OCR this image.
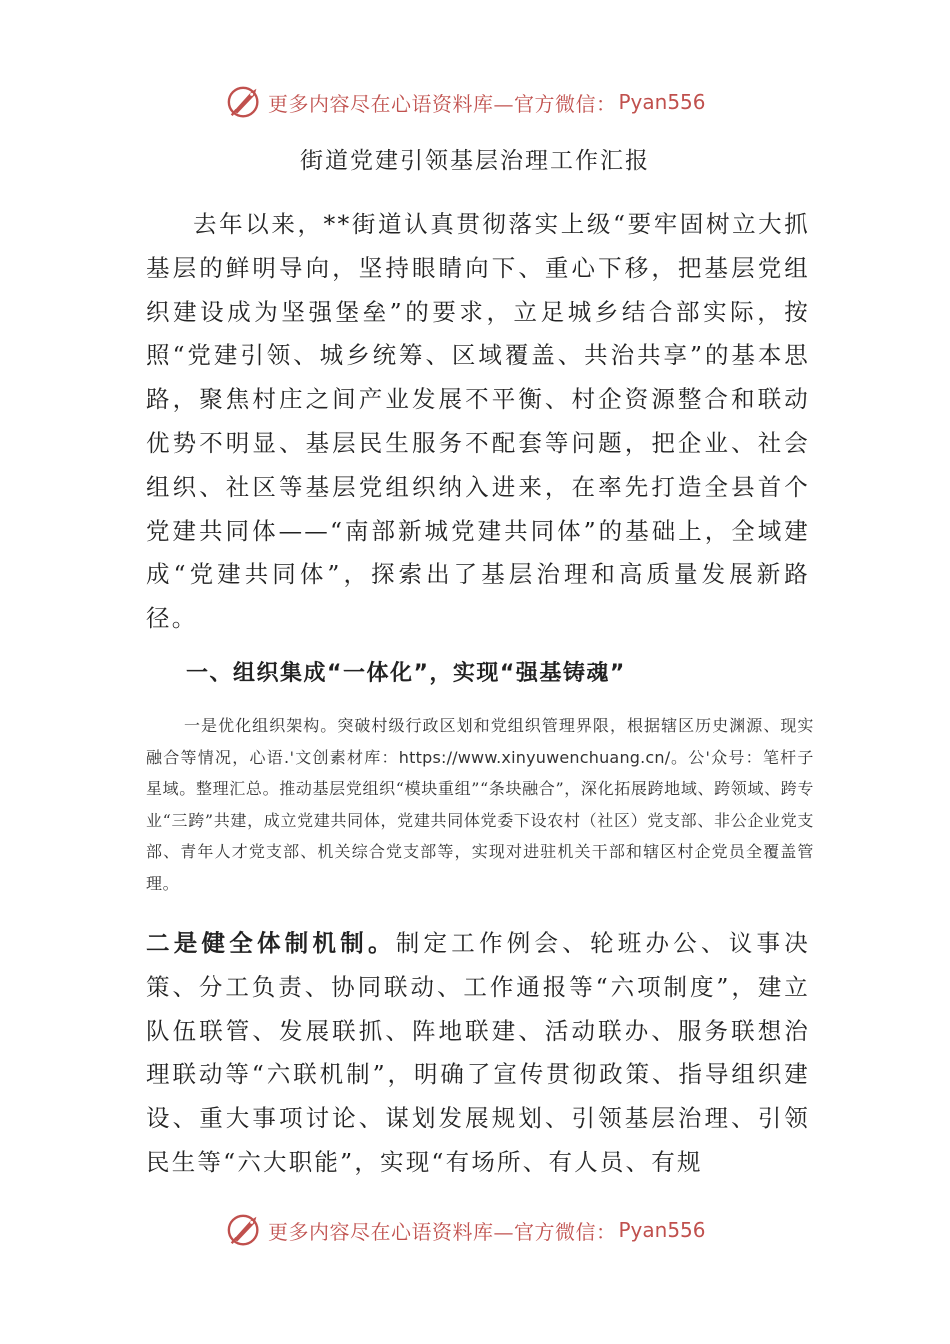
更多内容尽在心语资料库—官方微信： Pyan556
街道党建引领基层治理工作汇报

去年以来，**街道认真贯彻落实上级“要牢固树立大抓基层的鲜明导向，坚持眼睛向下、重心下移，把基层党组织建设成为坚强堡垒”的要求，立足城乡结合部实际，按照“党建引领、城乡统筹、区域覆盖、共治共享”的基本思路，聚焦村庄之间产业发展不平衡、村企资源整合和联动优势不明显、基层民生服务不配套等问题，把企业、社会组织、社区等基层党组织纳入进来，在率先打造全县首个党建共同体——“南部新城党建共同体”的基础上，全域建成“党建共同体”，探索出了基层治理和高质量发展新路径。

一、组织集成“一体化”，实现“强基铸魂”

一是优化组织架构。突破村级行政区划和党组织管理界限，根据辖区历史渊源、现实融合等情况，心语.'文创素材库：https://www.xinyuwenchuang.cn/。公'众号：笔杆子星域。整理汇总。推动基层党组织“模块重组”“条块融合”，深化拓展跨地域、跨领域、跨专业“三跨”共建，成立党建共同体，党建共同体党委下设农村（社区）党支部、非公企业党支部、青年人才党支部、机关综合党支部等，实现对进驻机关干部和辖区村企党员全覆盖管理。

二是健全体制机制。制定工作例会、轮班办公、议事决策、分工负责、协同联动、工作通报等“六项制度”，建立队伍联管、发展联抓、阵地联建、活动联办、服务联想治理联动等“六联机制”，明确了宣传贯彻政策、指导组织建设、重大事项讨论、谋划发展规划、引领基层治理、引领民生等“六大职能”，实现“有场所、有人员、有规

更多内容尽在心语资料库—官方微信： Pyan556
